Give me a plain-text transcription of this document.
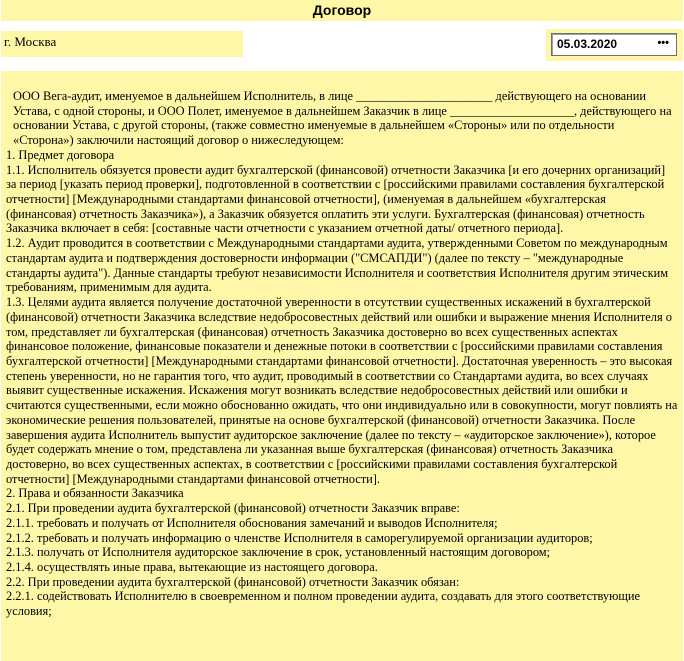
Договор
г. Москва	05.03.2020	•••

ООО Вега-аудит, именуемое в дальнейшем Исполнитель, в лице ______________________ действующего на основании Устава, с одной стороны, и ООО Полет, именуемое в дальнейшем Заказчик в лице ____________________, действующего на основании Устава, с другой стороны, (также совместно именуемые в дальнейшем «Стороны» или по отдельности «Сторона») заключили настоящий договор о нижеследующем:

1. Предмет договора

1.1. Исполнитель обязуется провести аудит бухгалтерской (финансовой) отчетности Заказчика [и его дочерних организаций] за период [указать период проверки], подготовленной в соответствии с [российскими правилами составления бухгалтерской отчетности] [Международными стандартами финансовой отчетности], (именуемая в дальнейшем «бухгалтерская (финансовая) отчетность Заказчика»), а Заказчик обязуется оплатить эти услуги. Бухгалтерская (финансовая) отчетность Заказчика включает в себя: [составные части отчетности с указанием отчетной даты/ отчетного периода].

1.2. Аудит проводится в соответствии с Международными стандартами аудита, утвержденными Советом по международным стандартам аудита и подтверждения достоверности информации ("СМСАПДИ") (далее по тексту – "международные стандарты аудита"). Данные стандарты требуют независимости Исполнителя и соответствия Исполнителя другим этическим требованиям, применимым для аудита.

1.3. Целями аудита является получение достаточной уверенности в отсутствии существенных искажений в бухгалтерской (финансовой) отчетности Заказчика вследствие недобросовестных действий или ошибки и выражение мнения Исполнителя о том, представляет ли бухгалтерская (финансовая) отчетность Заказчика достоверно во всех существенных аспектах финансовое положение, финансовые показатели и денежные потоки в соответствии с [российскими правилами составления бухгалтерской отчетности] [Международными стандартами финансовой отчетности]. Достаточная уверенность – это высокая степень уверенности, но не гарантия того, что аудит, проводимый в соответствии со Стандартами аудита, во всех случаях выявит существенные искажения. Искажения могут возникать вследствие недобросовестных действий или ошибки и считаются существенными, если можно обоснованно ожидать, что они индивидуально или в совокупности, могут повлиять на экономические решения пользователей, принятые на основе бухгалтерской (финансовой) отчетности Заказчика. После завершения аудита Исполнитель выпустит аудиторское заключение (далее по тексту – «аудиторское заключение»), которое будет содержать мнение о том, представлена ли указанная выше бухгалтерская (финансовая) отчетность Заказчика достоверно, во всех существенных аспектах, в соответствии с [российскими правилами составления бухгалтерской отчетности] [Международными стандартами финансовой отчетности].

2. Права и обязанности Заказчика

2.1. При проведении аудита бухгалтерской (финансовой) отчетности Заказчик вправе:

2.1.1. требовать и получать от Исполнителя обоснования замечаний и выводов Исполнителя;

2.1.2. требовать и получать информацию о членстве Исполнителя в саморегулируемой организации аудиторов;

2.1.3. получать от Исполнителя аудиторское заключение в срок, установленный настоящим договором;

2.1.4. осуществлять иные права, вытекающие из настоящего договора.

2.2. При проведении аудита бухгалтерской (финансовой) отчетности Заказчик обязан:

2.2.1. содействовать Исполнителю в своевременном и полном проведении аудита, создавать для этого соответствующие условия;
